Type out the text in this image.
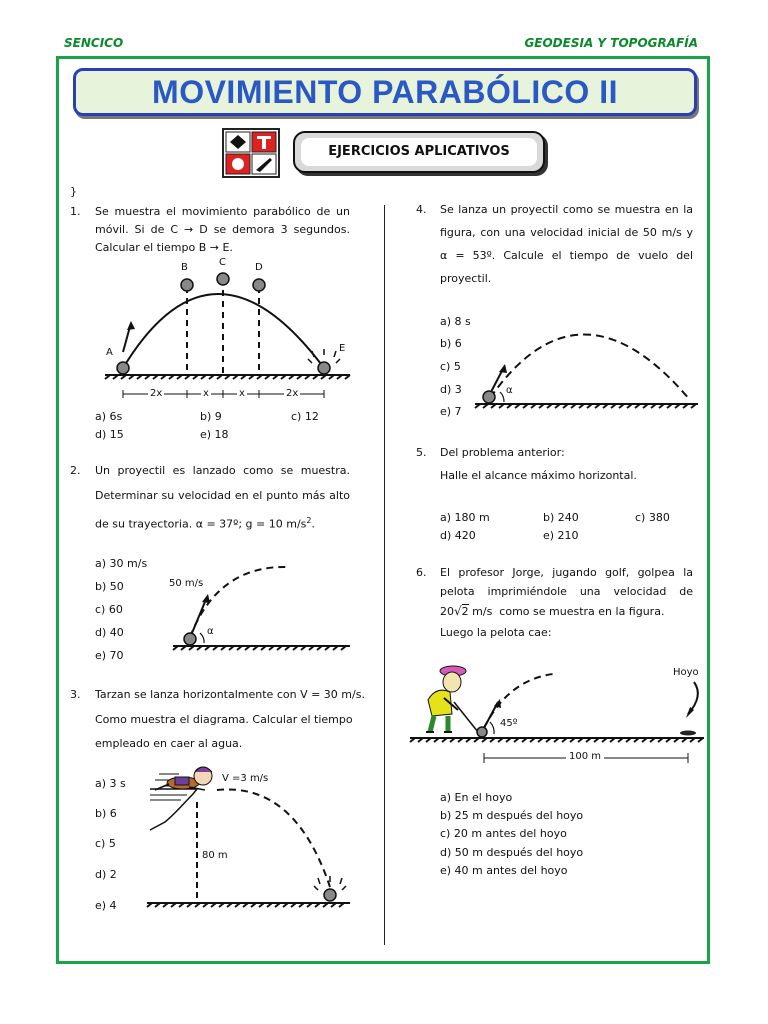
SENCICO	GEODESIA Y TOPOGRAFÍA
MOVIMIENTO PARABÓLICO II
EJERCICIOS APLICATIVOS
}
1. Se muestra el movimiento parabólico de un
móvil. Si de C → D se demora 3 segundos.
Calcular el tiempo B → E.
A
B	C	D
E
2x	x	x	2x
a) 6s	b) 9	c) 12
d) 15	e) 18
2. Un proyectil es lanzado como se muestra.
Determinar su velocidad en el punto más alto
de su trayectoria. α = 37º; g = 10 $m/s^2$.
a) 30 m/s
b) 50
c) 60
d) 40
e) 70
50 m/s
α
3. Tarzan se lanza horizontalmente con V = 30 m/s.
Como muestra el diagrama. Calcular el tiempo
empleado en caer al agua.
a) 3 s
b) 6
c) 5
d) 2
e) 4
V =3 m/s
80 m
4. Se lanza un proyectil como se muestra en la
figura, con una velocidad inicial de 50 m/s y
α = 53º. Calcule el tiempo de vuelo del
proyectil.
a) 8 s
b) 6
c) 5
d) 3
e) 7
α
5. Del problema anterior:
Halle el alcance máximo horizontal.
a) 180 m	b) 240	c) 380
d) 420	e) 210
6. El profesor Jorge, jugando golf, golpea la
pelota imprimiéndole una velocidad de
20√2 m/s  como se muestra en la figura.
Luego la pelota cae:
Hoyo
45º
100 m
a) En el hoyo
b) 25 m después del hoyo
c) 20 m antes del hoyo
d) 50 m después del hoyo
e) 40 m antes del hoyo
